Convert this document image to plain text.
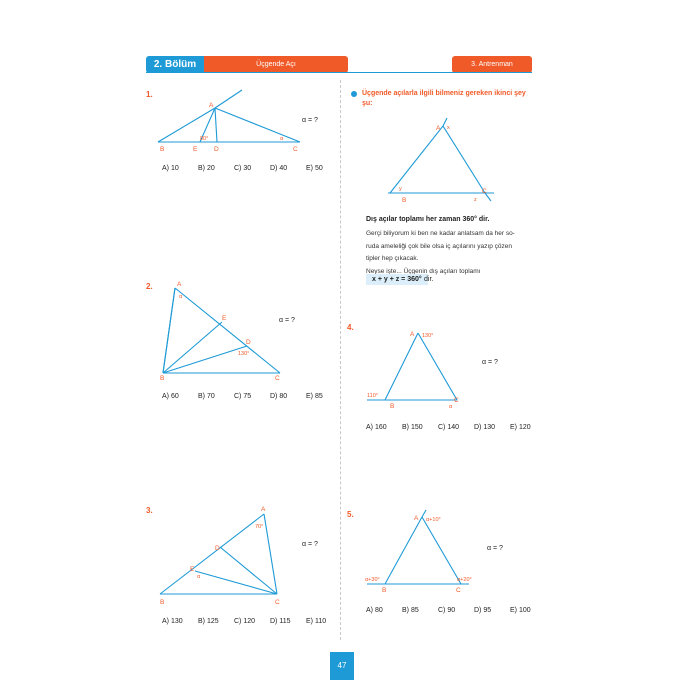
2. Bölüm	Üçgende Açı	3. Antrenman
1.
A
B	C
D
E
80°	α
α = ?
A) 10	B) 20	C) 30	D) 40	E) 50
2.	A
B	C
D
E
130°
α
α = ?
A) 60	B) 70	C) 75	D) 80	E) 85
3.	A
B	C
D
E
70°
α
α = ?
A) 130	B) 125	C) 120	D) 115	E) 110
Üçgende açılarla ilgili bilmeniz gereken ikinci şey şu:
A
B
C
x
y
z
Dış açılar toplamı her zaman 360° dir.
Gerçi biliyorum ki ben ne kadar anlatsam da her so-
ruda ameleliği çok bile olsa iç açılarını yazıp çözen
tipler hep çıkacak.
Neyse işte... Üçgenin dış açıları toplamı
x + y + z = 360° dir.
4.
A
B
C
130°
110°
α
α = ?
A) 160	B) 150	C) 140	D) 130	E) 120
5.	A
B	C
α+10°
α+30°	α+20°
α = ?
A) 80	B) 85	C) 90	D) 95	E) 100
47
